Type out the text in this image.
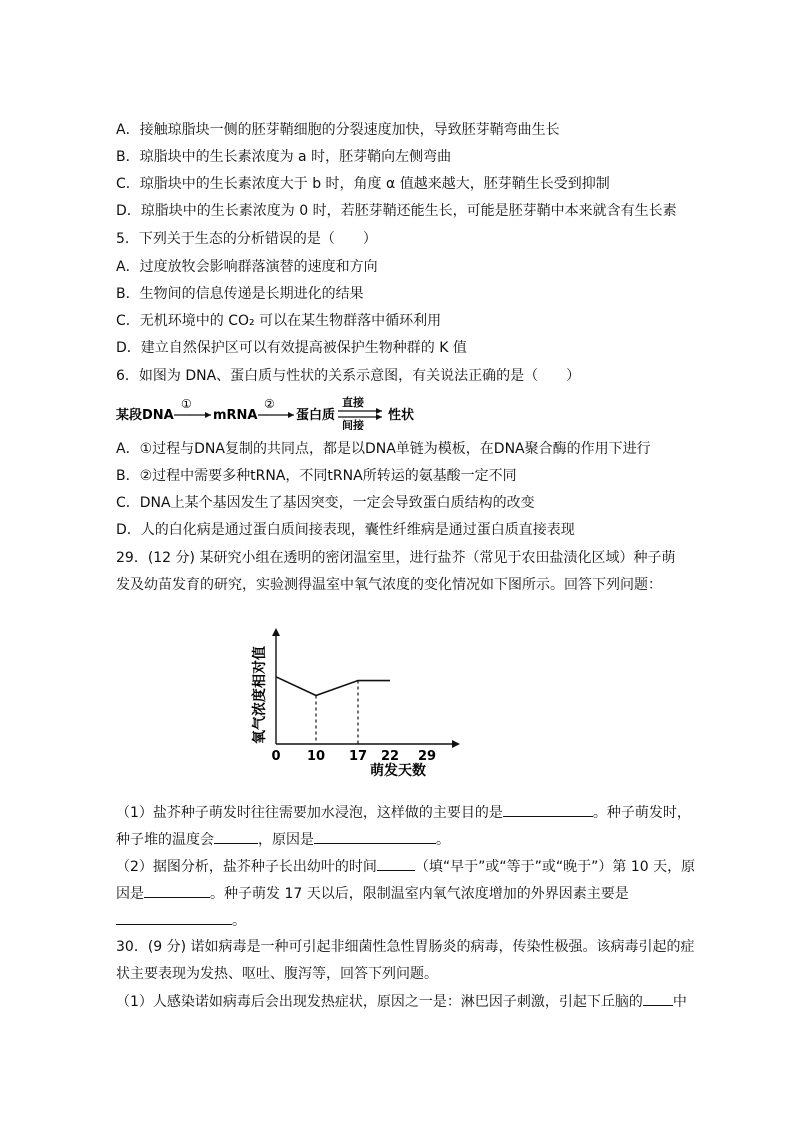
A．接触琼脂块一侧的胚芽鞘细胞的分裂速度加快，导致胚芽鞘弯曲生长
B．琼脂块中的生长素浓度为 a 时，胚芽鞘向左侧弯曲
C．琼脂块中的生长素浓度大于 b 时，角度 α 值越来越大，胚芽鞘生长受到抑制
D．琼脂块中的生长素浓度为 0 时，若胚芽鞘还能生长，可能是胚芽鞘中本来就含有生长素
5．下列关于生态的分析错误的是（　　）
A．过度放牧会影响群落演替的速度和方向
B．生物间的信息传递是长期进化的结果
C．无机环境中的 CO₂ 可以在某生物群落中循环利用
D．建立自然保护区可以有效提高被保护生物种群的 K 值
6．如图为 DNA、蛋白质与性状的关系示意图，有关说法正确的是（　　）
某段DNA
①
mRNA
②
蛋白质
直接
间接
性状
A．①过程与DNA复制的共同点，都是以DNA单链为模板，在DNA聚合酶的作用下进行
B．②过程中需要多种tRNA，不同tRNA所转运的氨基酸一定不同
C．DNA上某个基因发生了基因突变，一定会导致蛋白质结构的改变
D．人的白化病是通过蛋白质间接表现，囊性纤维病是通过蛋白质直接表现
29．(12 分) 某研究小组在透明的密闭温室里，进行盐芥（常见于农田盐渍化区域）种子萌
发及幼苗发育的研究，实验测得温室中氧气浓度的变化情况如下图所示。回答下列问题：
0 10 17 22 29
氧气浓度相对值
萌发天数
（1）盐芥种子萌发时往往需要加水浸泡，这样做的主要目的是	。种子萌发时，
种子堆的温度会	，原因是	。
（2）据图分析，盐芥种子长出幼叶的时间	（填“早于”或“等于”或“晚于”）第 10 天，原
因是	。种子萌发 17 天以后，限制温室内氧气浓度增加的外界因素主要是
。
30．(9 分) 诺如病毒是一种可引起非细菌性急性胃肠炎的病毒，传染性极强。该病毒引起的症
状主要表现为发热、呕吐、腹泻等，回答下列问题。
（1）人感染诺如病毒后会出现发热症状，原因之一是：淋巴因子刺激，引起下丘脑的 中
